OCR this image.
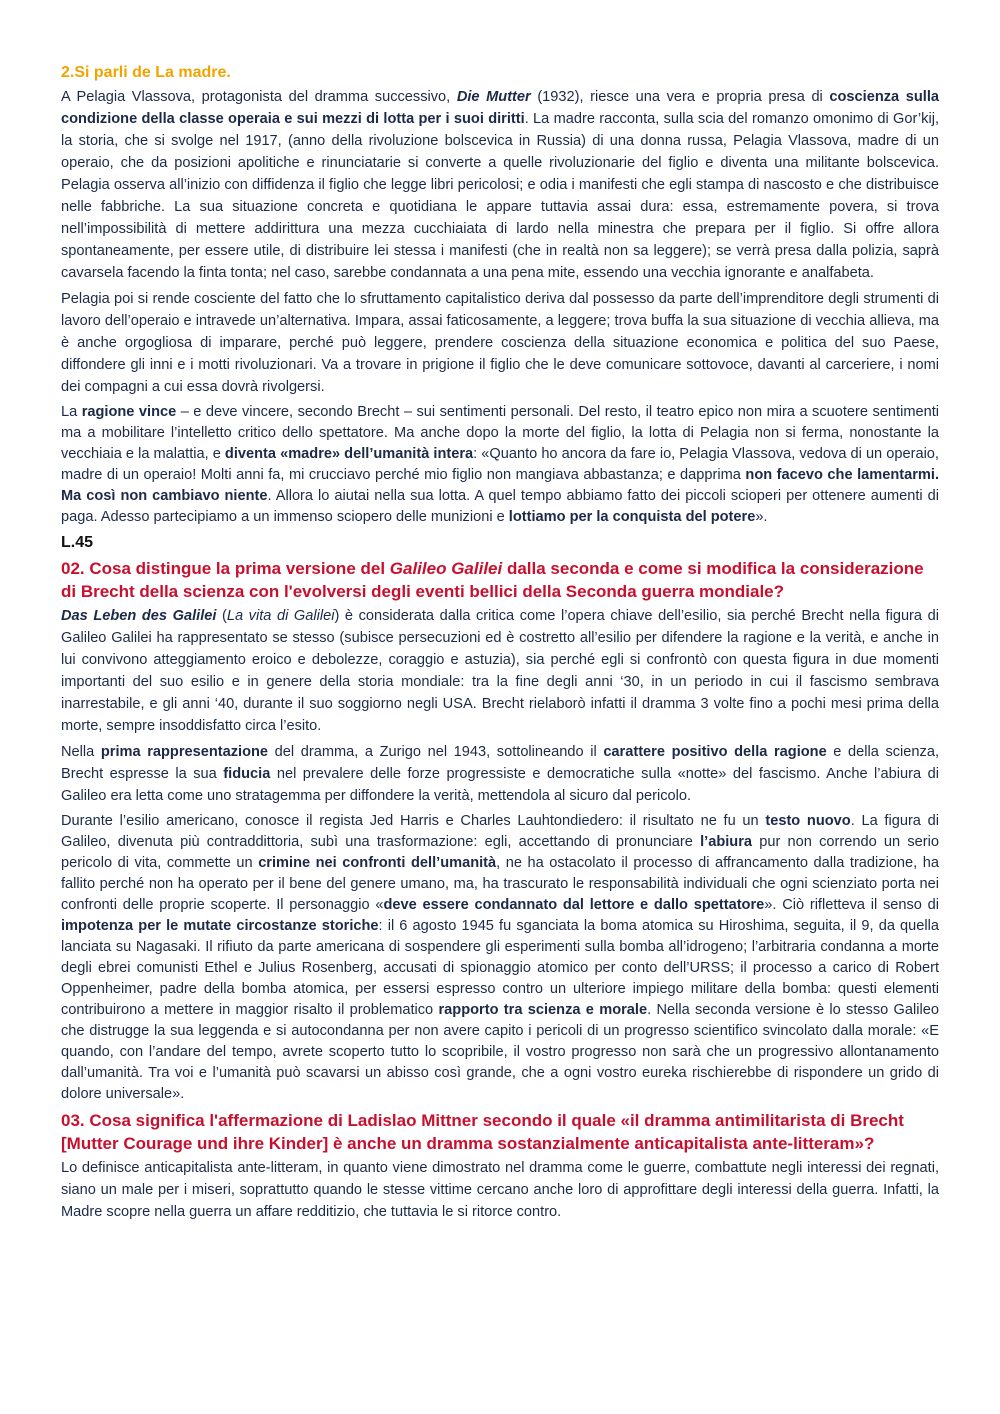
2.Si parli de La madre.

A Pelagia Vlassova, protagonista del dramma successivo, Die Mutter (1932), riesce una vera e propria presa di coscienza sulla condizione della classe operaia e sui mezzi di lotta per i suoi diritti. La madre racconta, sulla scia del romanzo omonimo di Gor’kij, la storia, che si svolge nel 1917, (anno della rivoluzione bolscevica in Russia) di una donna russa, Pelagia Vlassova, madre di un operaio, che da posizioni apolitiche e rinunciatarie si converte a quelle rivoluzionarie del figlio e diventa una militante bolscevica. Pelagia osserva all’inizio con diffidenza il figlio che legge libri pericolosi; e odia i manifesti che egli stampa di nascosto e che distribuisce nelle fabbriche. La sua situazione concreta e quotidiana le appare tuttavia assai dura: essa, estremamente povera, si trova nell’impossibilità di mettere addirittura una mezza cucchiaiata di lardo nella minestra che prepara per il figlio. Si offre allora spontaneamente, per essere utile, di distribuire lei stessa i manifesti (che in realtà non sa leggere); se verrà presa dalla polizia, saprà cavarsela facendo la finta tonta; nel caso, sarebbe condannata a una pena mite, essendo una vecchia ignorante e analfabeta.

Pelagia poi si rende cosciente del fatto che lo sfruttamento capitalistico deriva dal possesso da parte dell’imprenditore degli strumenti di lavoro dell’operaio e intravede un’alternativa. Impara, assai faticosamente, a leggere; trova buffa la sua situazione di vecchia allieva, ma è anche orgogliosa di imparare, perché può leggere, prendere coscienza della situazione economica e politica del suo Paese, diffondere gli inni e i motti rivoluzionari. Va a trovare in prigione il figlio che le deve comunicare sottovoce, davanti al carceriere, i nomi dei compagni a cui essa dovrà rivolgersi.

La ragione vince – e deve vincere, secondo Brecht – sui sentimenti personali. Del resto, il teatro epico non mira a scuotere sentimenti ma a mobilitare l’intelletto critico dello spettatore. Ma anche dopo la morte del figlio, la lotta di Pelagia non si ferma, nonostante la vecchiaia e la malattia, e diventa «madre» dell’umanità intera: «Quanto ho ancora da fare io, Pelagia Vlassova, vedova di un operaio, madre di un operaio! Molti anni fa, mi crucciavo perché mio figlio non mangiava abbastanza; e dapprima non facevo che lamentarmi. Ma così non cambiavo niente. Allora lo aiutai nella sua lotta. A quel tempo abbiamo fatto dei piccoli scioperi per ottenere aumenti di paga. Adesso partecipiamo a un immenso sciopero delle munizioni e lottiamo per la conquista del potere».

L.45
02. Cosa distingue la prima versione del Galileo Galilei dalla seconda e come si modifica la considerazione di Brecht della scienza con l'evolversi degli eventi bellici della Seconda guerra mondiale?

Das Leben des Galilei (La vita di Galilei) è considerata dalla critica come l’opera chiave dell’esilio, sia perché Brecht nella figura di Galileo Galilei ha rappresentato se stesso (subisce persecuzioni ed è costretto all’esilio per difendere la ragione e la verità, e anche in lui convivono atteggiamento eroico e debolezze, coraggio e astuzia), sia perché egli si confrontò con questa figura in due momenti importanti del suo esilio e in genere della storia mondiale: tra la fine degli anni ‘30, in un periodo in cui il fascismo sembrava inarrestabile, e gli anni ‘40, durante il suo soggiorno negli USA. Brecht rielaborò infatti il dramma 3 volte fino a pochi mesi prima della morte, sempre insoddisfatto circa l’esito.

Nella prima rappresentazione del dramma, a Zurigo nel 1943, sottolineando il carattere positivo della ragione e della scienza, Brecht espresse la sua fiducia nel prevalere delle forze progressiste e democratiche sulla «notte» del fascismo. Anche l’abiura di Galileo era letta come uno stratagemma per diffondere la verità, mettendola al sicuro dal pericolo.

Durante l’esilio americano, conosce il regista Jed Harris e Charles Lauhtondiedero: il risultato ne fu un testo nuovo. La figura di Galileo, divenuta più contraddittoria, subì una trasformazione: egli, accettando di pronunciare l’abiura pur non correndo un serio pericolo di vita, commette un crimine nei confronti dell’umanità, ne ha ostacolato il processo di affrancamento dalla tradizione, ha fallito perché non ha operato per il bene del genere umano, ma, ha trascurato le responsabilità individuali che ogni scienziato porta nei confronti delle proprie scoperte. Il personaggio «deve essere condannato dal lettore e dallo spettatore». Ciò rifletteva il senso di impotenza per le mutate circostanze storiche: il 6 agosto 1945 fu sganciata la boma atomica su Hiroshima, seguita, il 9, da quella lanciata su Nagasaki. Il rifiuto da parte americana di sospendere gli esperimenti sulla bomba all’idrogeno; l’arbitraria condanna a morte degli ebrei comunisti Ethel e Julius Rosenberg, accusati di spionaggio atomico per conto dell’URSS; il processo a carico di Robert Oppenheimer, padre della bomba atomica, per essersi espresso contro un ulteriore impiego militare della bomba: questi elementi contribuirono a mettere in maggior risalto il problematico rapporto tra scienza e morale. Nella seconda versione è lo stesso Galileo che distrugge la sua leggenda e si autocondanna per non avere capito i pericoli di un progresso scientifico svincolato dalla morale: «E quando, con l’andare del tempo, avrete scoperto tutto lo scopribile, il vostro progresso non sarà che un progressivo allontanamento dall’umanità. Tra voi e l’umanità può scavarsi un abisso così grande, che a ogni vostro eureka rischierebbe di rispondere un grido di dolore universale».

03. Cosa significa l'affermazione di Ladislao Mittner secondo il quale «il dramma antimilitarista di Brecht [Mutter Courage und ihre Kinder] è anche un dramma sostanzialmente anticapitalista ante-litteram»?

Lo definisce anticapitalista ante-litteram, in quanto viene dimostrato nel dramma come le guerre, combattute negli interessi dei regnati, siano un male per i miseri, soprattutto quando le stesse vittime cercano anche loro di approfittare degli interessi della guerra. Infatti, la Madre scopre nella guerra un affare redditizio, che tuttavia le si ritorce contro.
